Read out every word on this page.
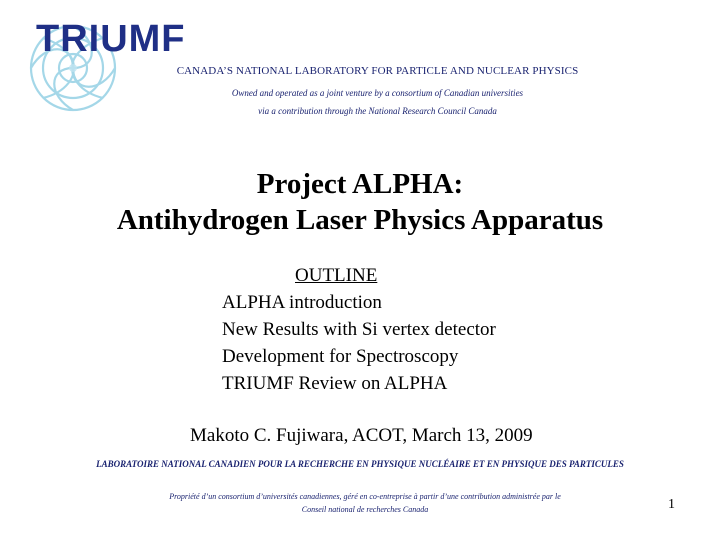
TRIUMF
CANADA’S NATIONAL LABORATORY FOR PARTICLE AND NUCLEAR PHYSICS
Owned and operated as a joint venture by a consortium of Canadian universities
via a contribution through the National Research Council Canada
Project ALPHA:
Antihydrogen Laser Physics Apparatus
OUTLINE
ALPHA introduction
New Results with Si vertex detector
Development for Spectroscopy
TRIUMF Review on ALPHA
Makoto C. Fujiwara, ACOT, March 13, 2009
LABORATOIRE NATIONAL CANADIEN POUR LA RECHERCHE EN PHYSIQUE NUCLÉAIRE ET EN PHYSIQUE DES PARTICULES
Propriété d’un consortium d’universités canadiennes, géré en co-entreprise à partir d’une contribution administrée par le
Conseil national de recherches Canada	1
